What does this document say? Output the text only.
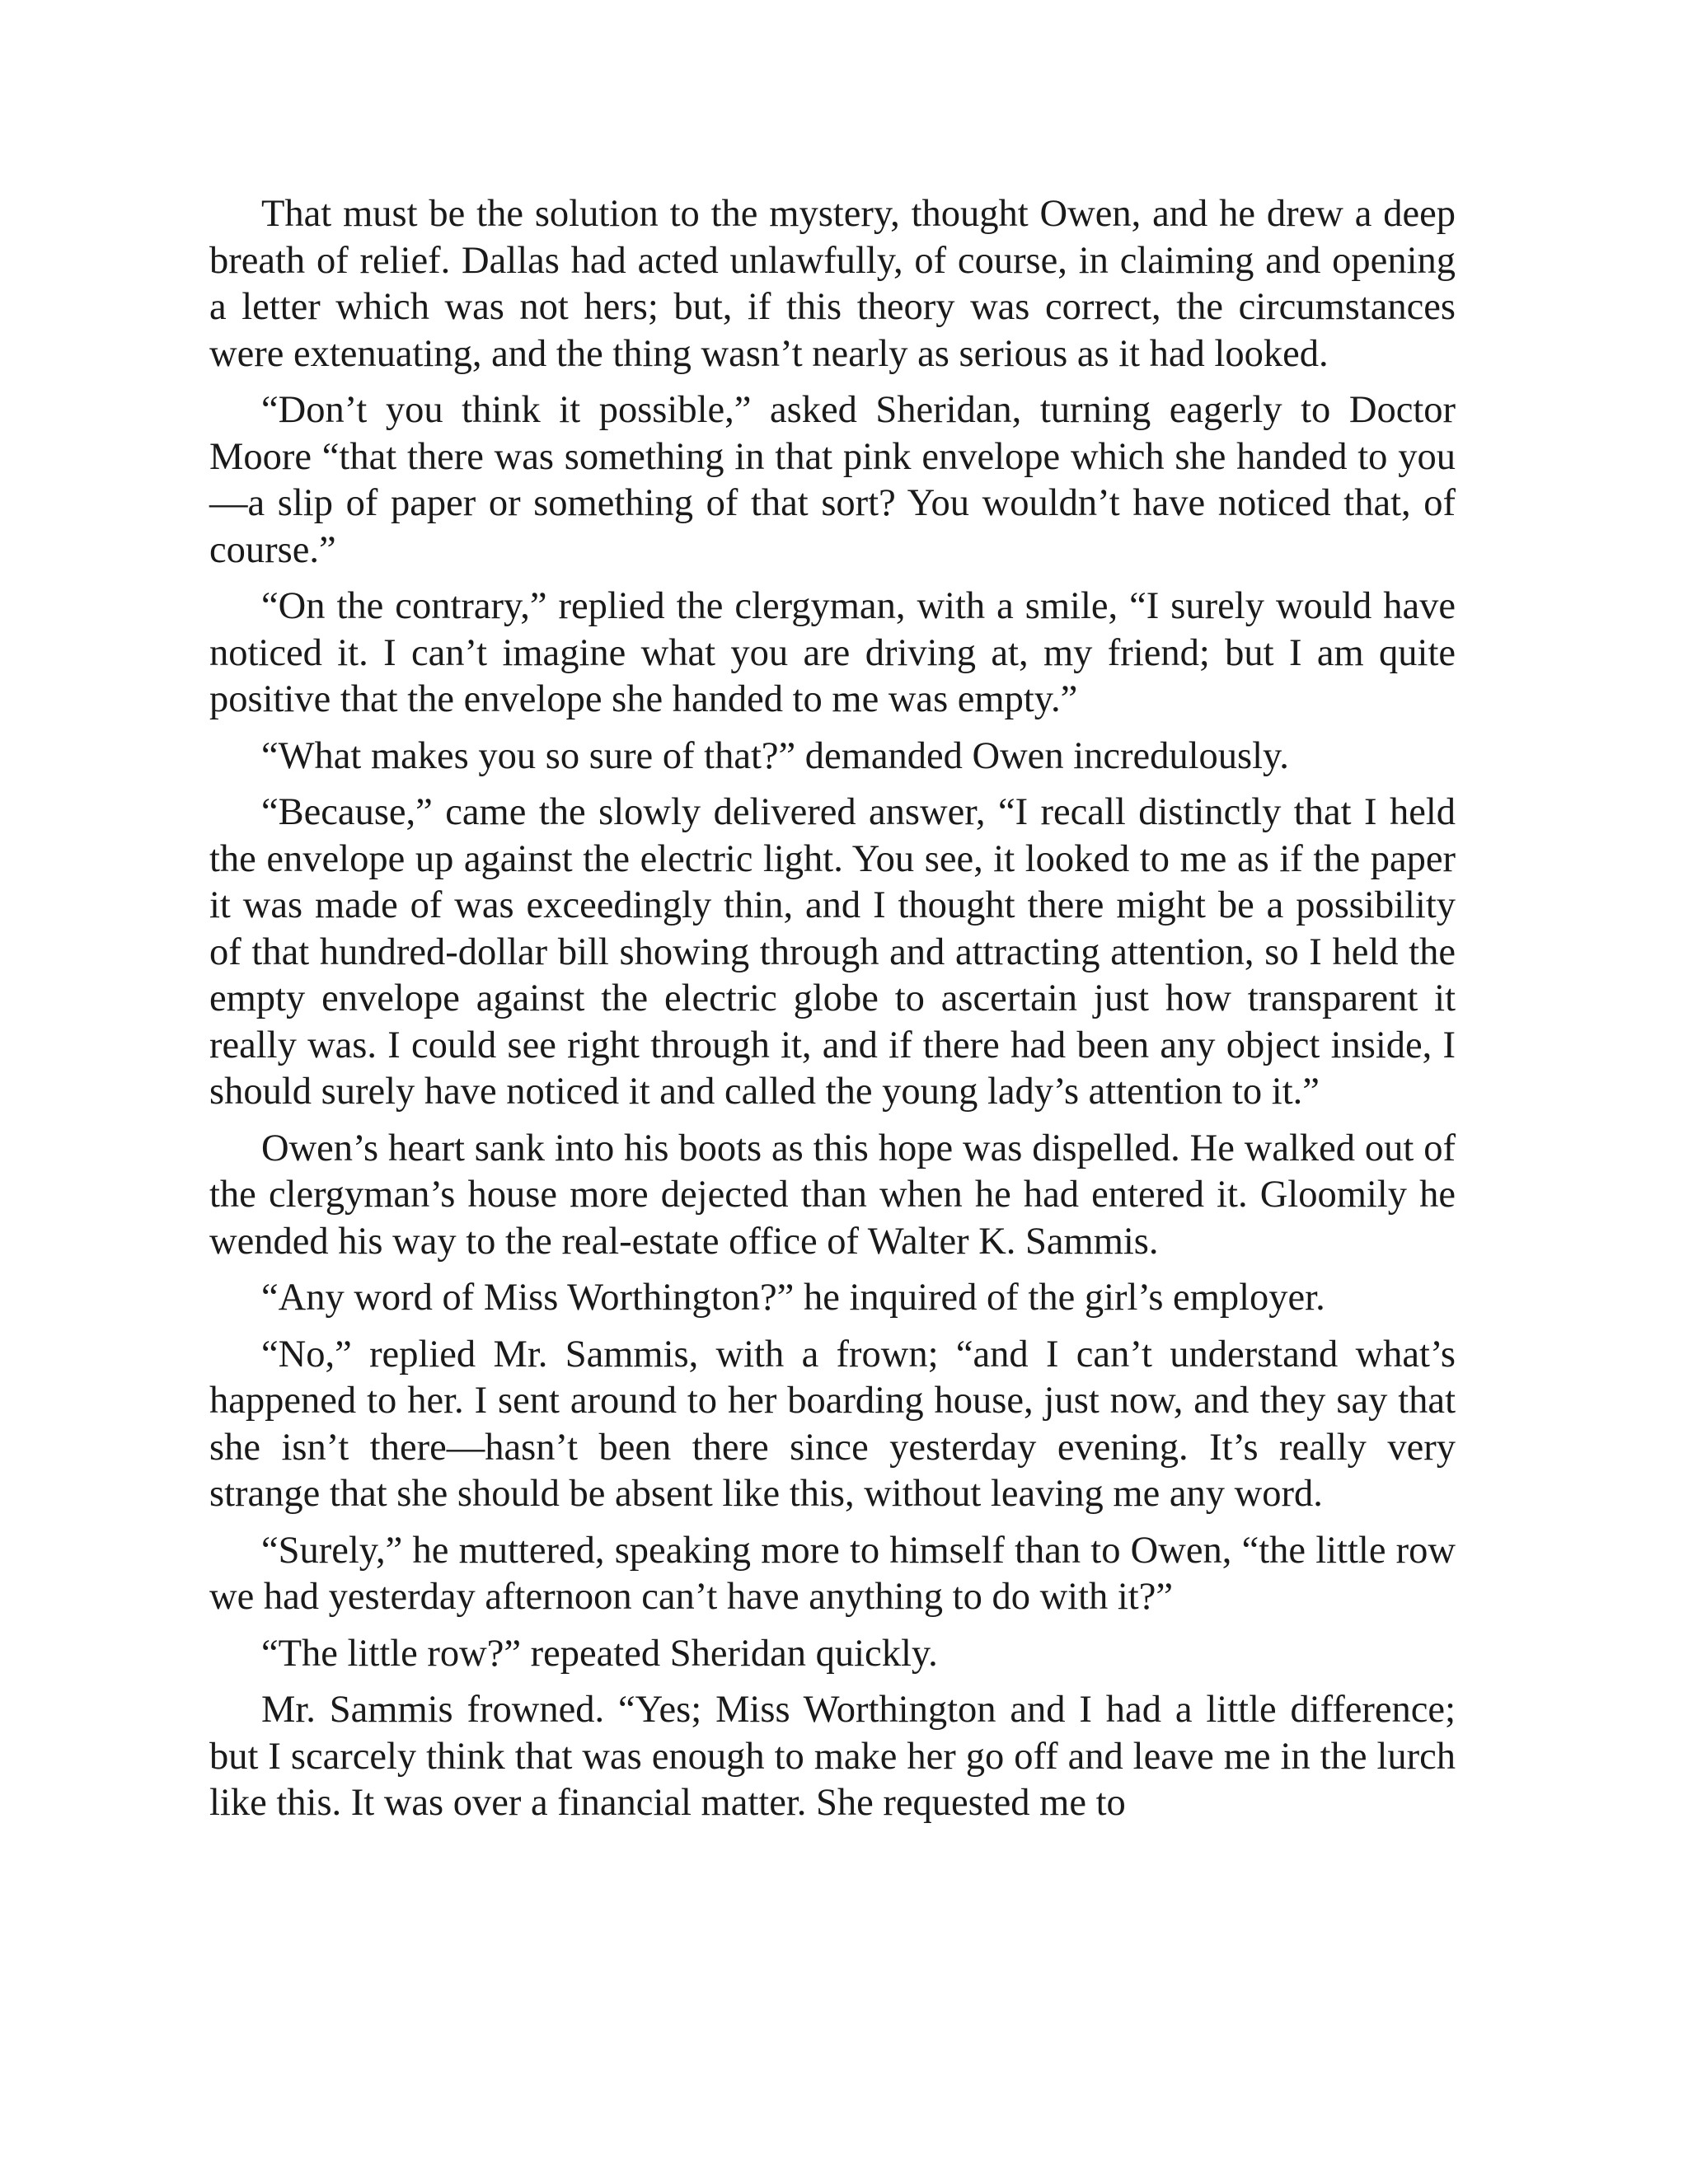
That must be the solution to the mystery, thought Owen, and he drew a deep breath of relief. Dallas had acted unlawfully, of course, in claiming and opening a letter which was not hers; but, if this theory was correct, the circumstances were extenuating, and the thing wasn’t nearly as serious as it had looked.

“Don’t you think it possible,” asked Sheridan, turning eagerly to Doctor Moore “that there was something in that pink envelope which she handed to you—a slip of paper or something of that sort? You wouldn’t have noticed that, of course.”

“On the contrary,” replied the clergyman, with a smile, “I surely would have noticed it. I can’t imagine what you are driving at, my friend; but I am quite positive that the envelope she handed to me was empty.”

“What makes you so sure of that?” demanded Owen incredulously.

“Because,” came the slowly delivered answer, “I recall distinctly that I held the envelope up against the electric light. You see, it looked to me as if the paper it was made of was exceedingly thin, and I thought there might be a possibility of that hundred-dollar bill showing through and attracting attention, so I held the empty envelope against the electric globe to ascertain just how transparent it really was. I could see right through it, and if there had been any object inside, I should surely have noticed it and called the young lady’s attention to it.”

Owen’s heart sank into his boots as this hope was dispelled. He walked out of the clergyman’s house more dejected than when he had entered it. Gloomily he wended his way to the real-estate office of Walter K. Sammis.

“Any word of Miss Worthington?” he inquired of the girl’s employer.

“No,” replied Mr. Sammis, with a frown; “and I can’t understand what’s happened to her. I sent around to her boarding house, just now, and they say that she isn’t there—hasn’t been there since yesterday evening. It’s really very strange that she should be absent like this, without leaving me any word.

“Surely,” he muttered, speaking more to himself than to Owen, “the little row we had yesterday afternoon can’t have anything to do with it?”

“The little row?” repeated Sheridan quickly.

Mr. Sammis frowned. “Yes; Miss Worthington and I had a little difference; but I scarcely think that was enough to make her go off and leave me in the lurch like this. It was over a financial matter. She requested me to
